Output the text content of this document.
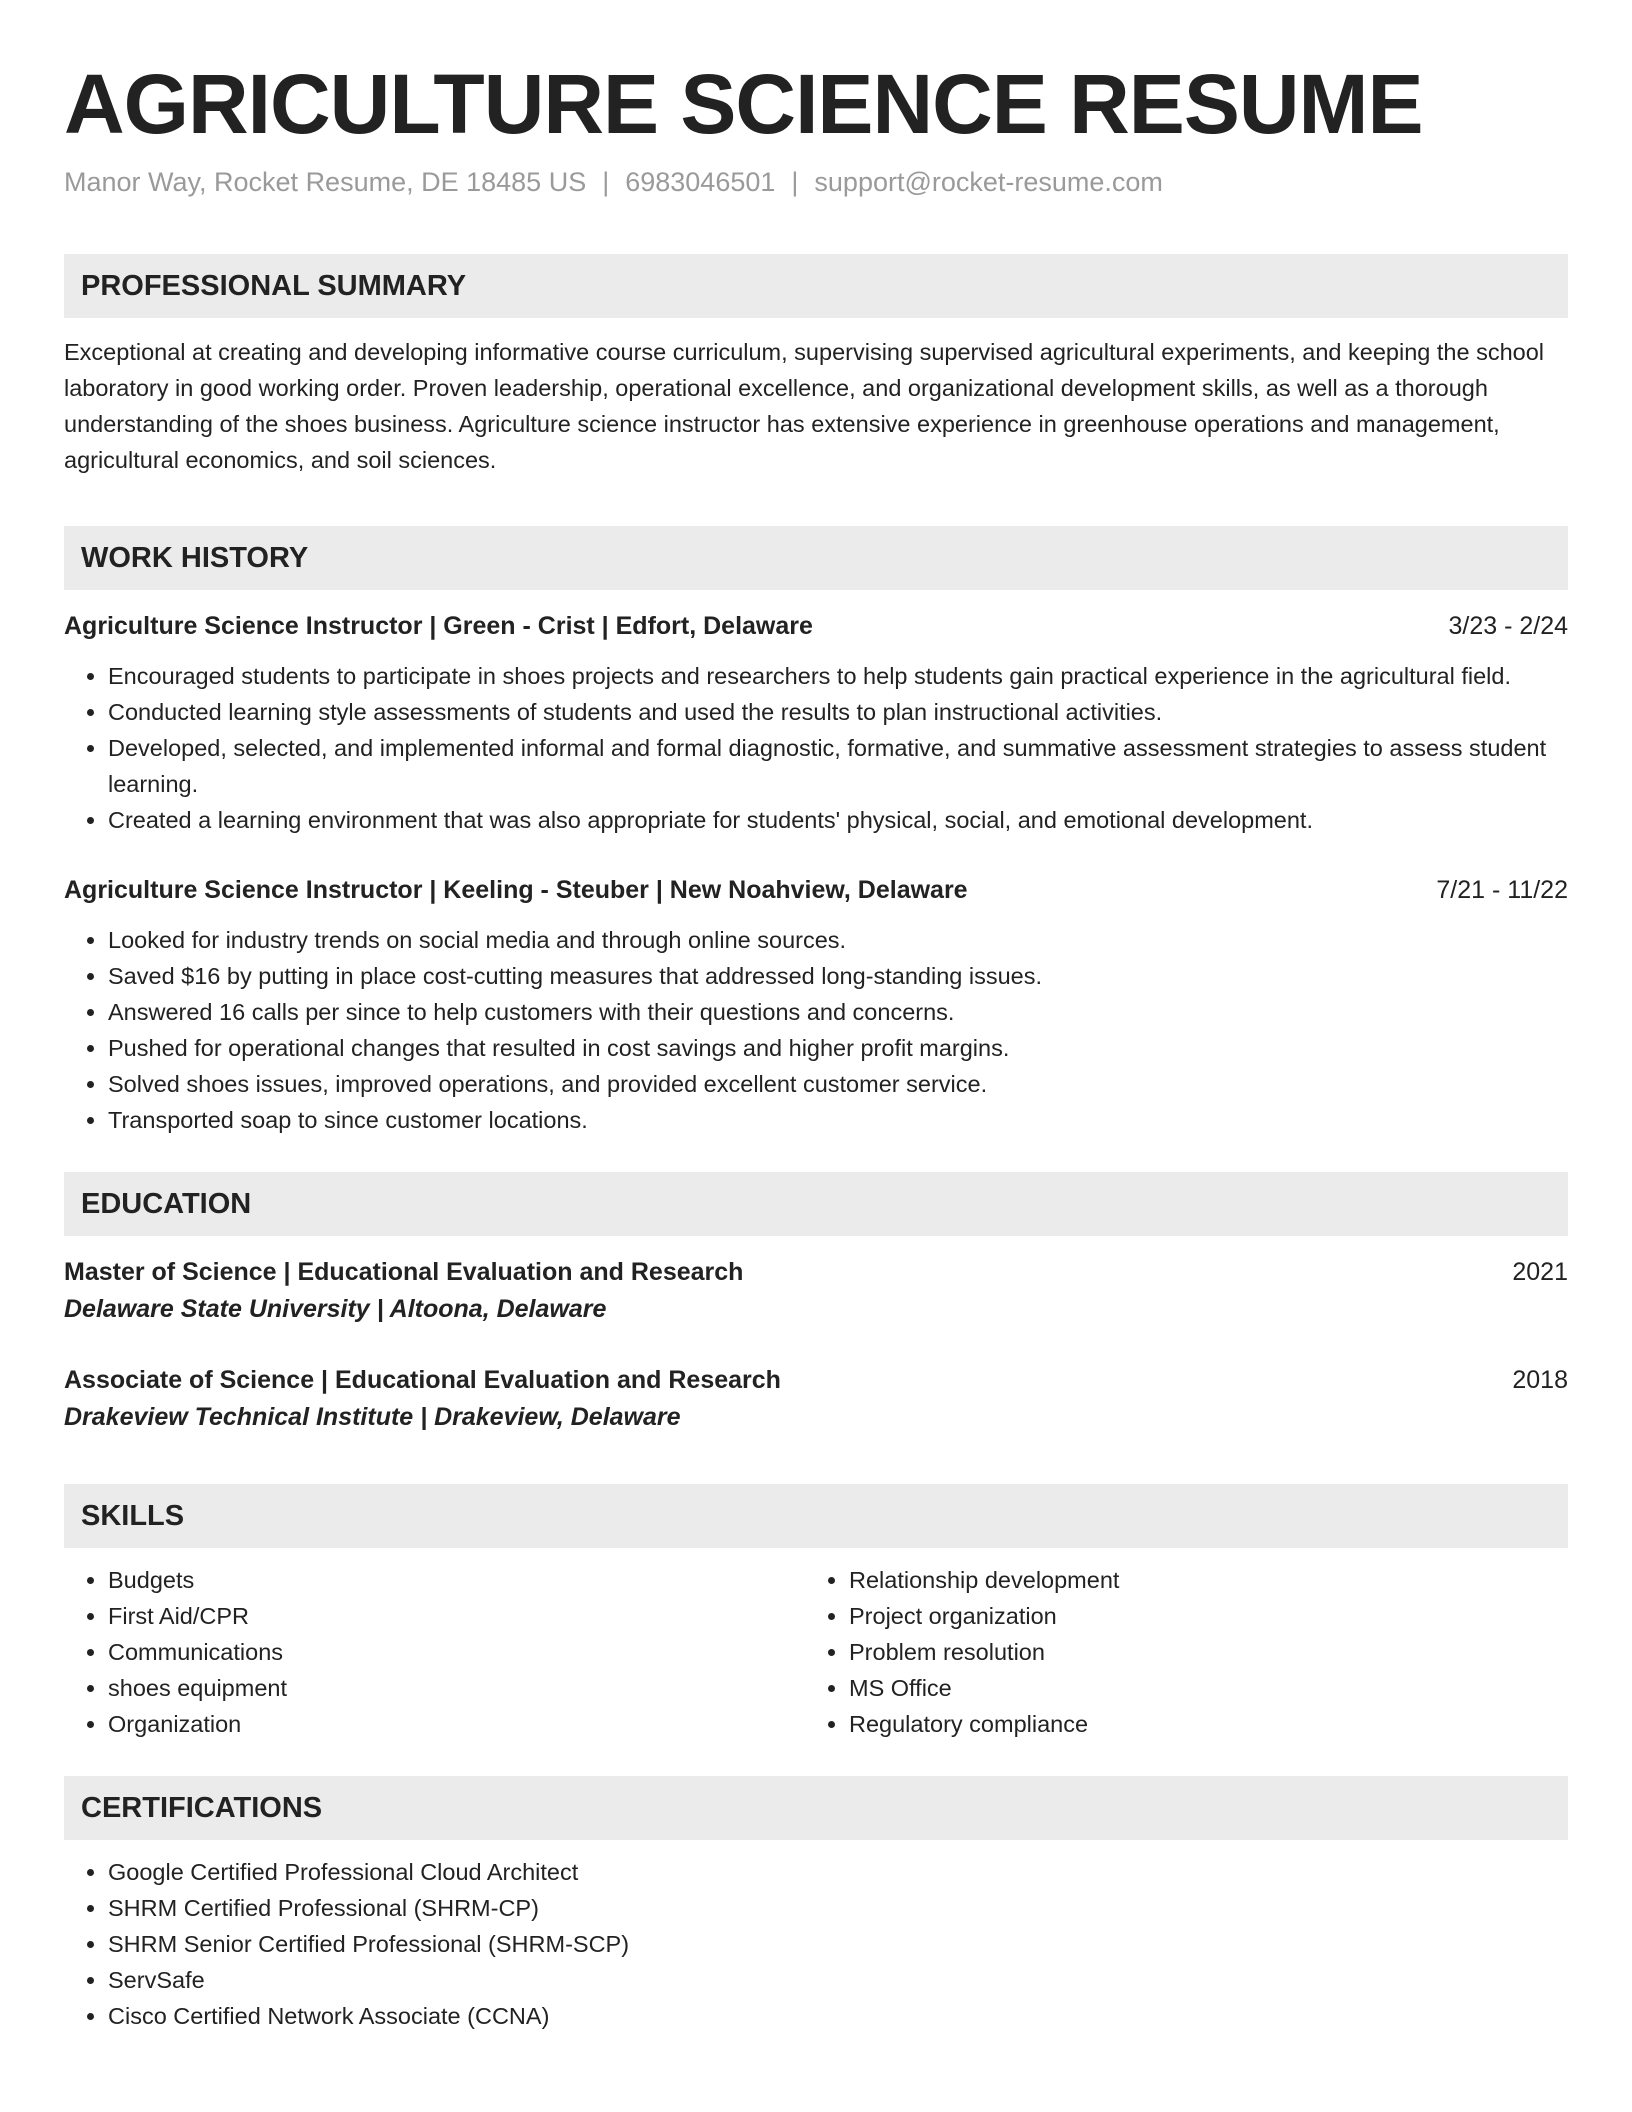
AGRICULTURE SCIENCE RESUME
Manor Way, Rocket Resume, DE 18485 US | 6983046501 | support@rocket-resume.com
PROFESSIONAL SUMMARY
Exceptional at creating and developing informative course curriculum, supervising supervised agricultural experiments, and keeping the school laboratory in good working order. Proven leadership, operational excellence, and organizational development skills, as well as a thorough understanding of the shoes business. Agriculture science instructor has extensive experience in greenhouse operations and management, agricultural economics, and soil sciences.
WORK HISTORY
Agriculture Science Instructor | Green - Crist | Edfort, Delaware	3/23 - 2/24
• Encouraged students to participate in shoes projects and researchers to help students gain practical experience in the agricultural field.
• Conducted learning style assessments of students and used the results to plan instructional activities.
• Developed, selected, and implemented informal and formal diagnostic, formative, and summative assessment strategies to assess student learning.
• Created a learning environment that was also appropriate for students' physical, social, and emotional development.
Agriculture Science Instructor | Keeling - Steuber | New Noahview, Delaware	7/21 - 11/22
• Looked for industry trends on social media and through online sources.
• Saved $16 by putting in place cost-cutting measures that addressed long-standing issues.
• Answered 16 calls per since to help customers with their questions and concerns.
• Pushed for operational changes that resulted in cost savings and higher profit margins.
• Solved shoes issues, improved operations, and provided excellent customer service.
• Transported soap to since customer locations.
EDUCATION
Master of Science | Educational Evaluation and Research	2021
Delaware State University | Altoona, Delaware
Associate of Science | Educational Evaluation and Research	2018
Drakeview Technical Institute | Drakeview, Delaware
SKILLS
• Budgets
• First Aid/CPR
• Communications
• shoes equipment
• Organization
• Relationship development
• Project organization
• Problem resolution
• MS Office
• Regulatory compliance
CERTIFICATIONS
• Google Certified Professional Cloud Architect
• SHRM Certified Professional (SHRM-CP)
• SHRM Senior Certified Professional (SHRM-SCP)
• ServSafe
• Cisco Certified Network Associate (CCNA)
